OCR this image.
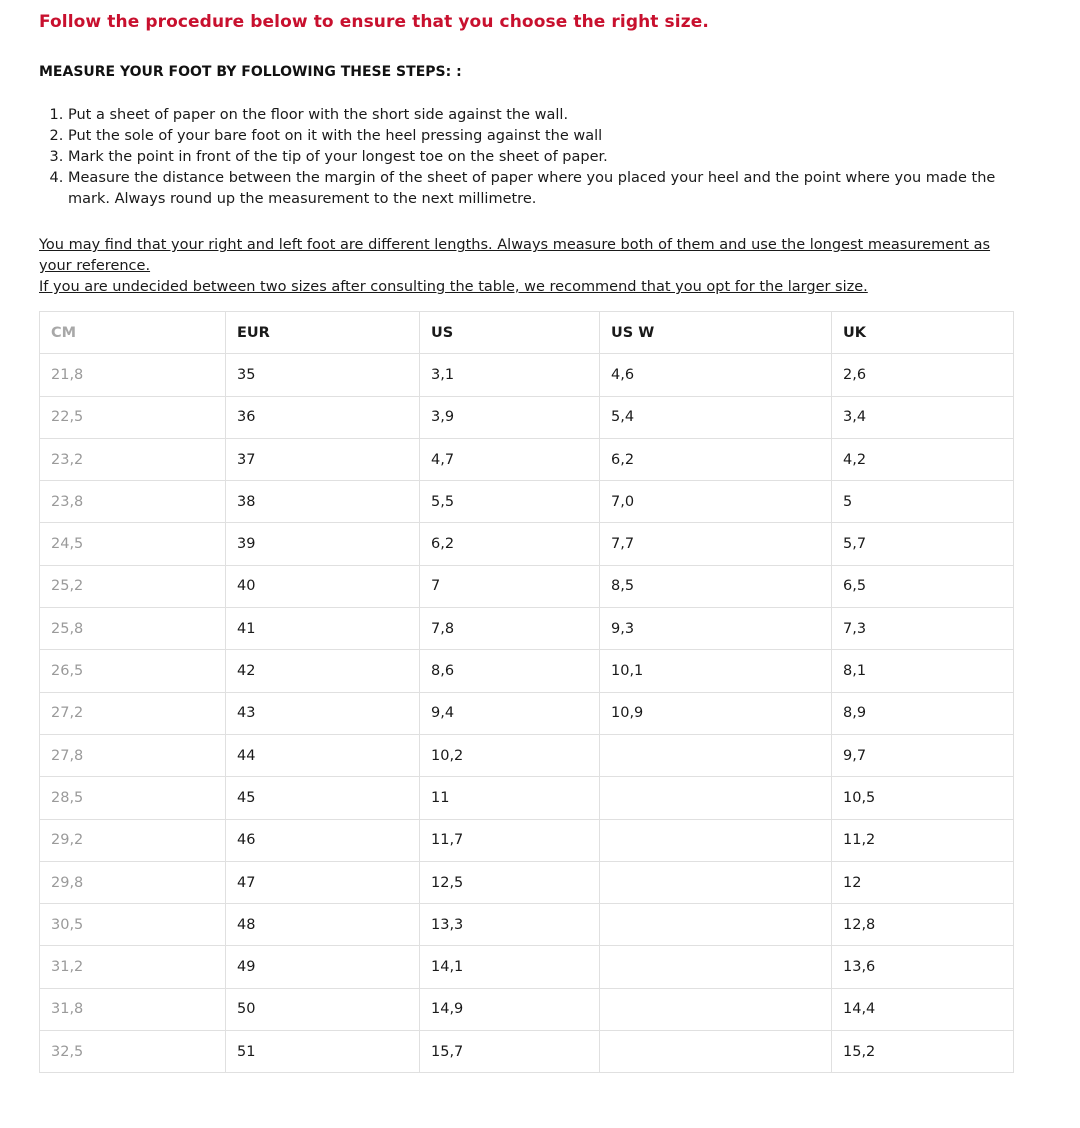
Follow the procedure below to ensure that you choose the right size.
MEASURE YOUR FOOT BY FOLLOWING THESE STEPS: :
1. Put a sheet of paper on the floor with the short side against the wall.
2. Put the sole of your bare foot on it with the heel pressing against the wall
3. Mark the point in front of the tip of your longest toe on the sheet of paper.
4. Measure the distance between the margin of the sheet of paper where you placed your heel and the point where you made the mark. Always round up the measurement to the next millimetre.

You may find that your right and left foot are different lengths. Always measure both of them and use the longest measurement as your reference.

If you are undecided between two sizes after consulting the table, we recommend that you opt for the larger size.

CM	EUR	US	US W	UK
21,8	35	3,1	4,6	2,6
22,5	36	3,9	5,4	3,4
23,2	37	4,7	6,2	4,2
23,8	38	5,5	7,0	5
24,5	39	6,2	7,7	5,7
25,2	40	7	8,5	6,5
25,8	41	7,8	9,3	7,3
26,5	42	8,6	10,1	8,1
27,2	43	9,4	10,9	8,9
27,8	44	10,2		9,7
28,5	45	11		10,5
29,2	46	11,7		11,2
29,8	47	12,5		12
30,5	48	13,3		12,8
31,2	49	14,1		13,6
31,8	50	14,9		14,4
32,5	51	15,7		15,2
